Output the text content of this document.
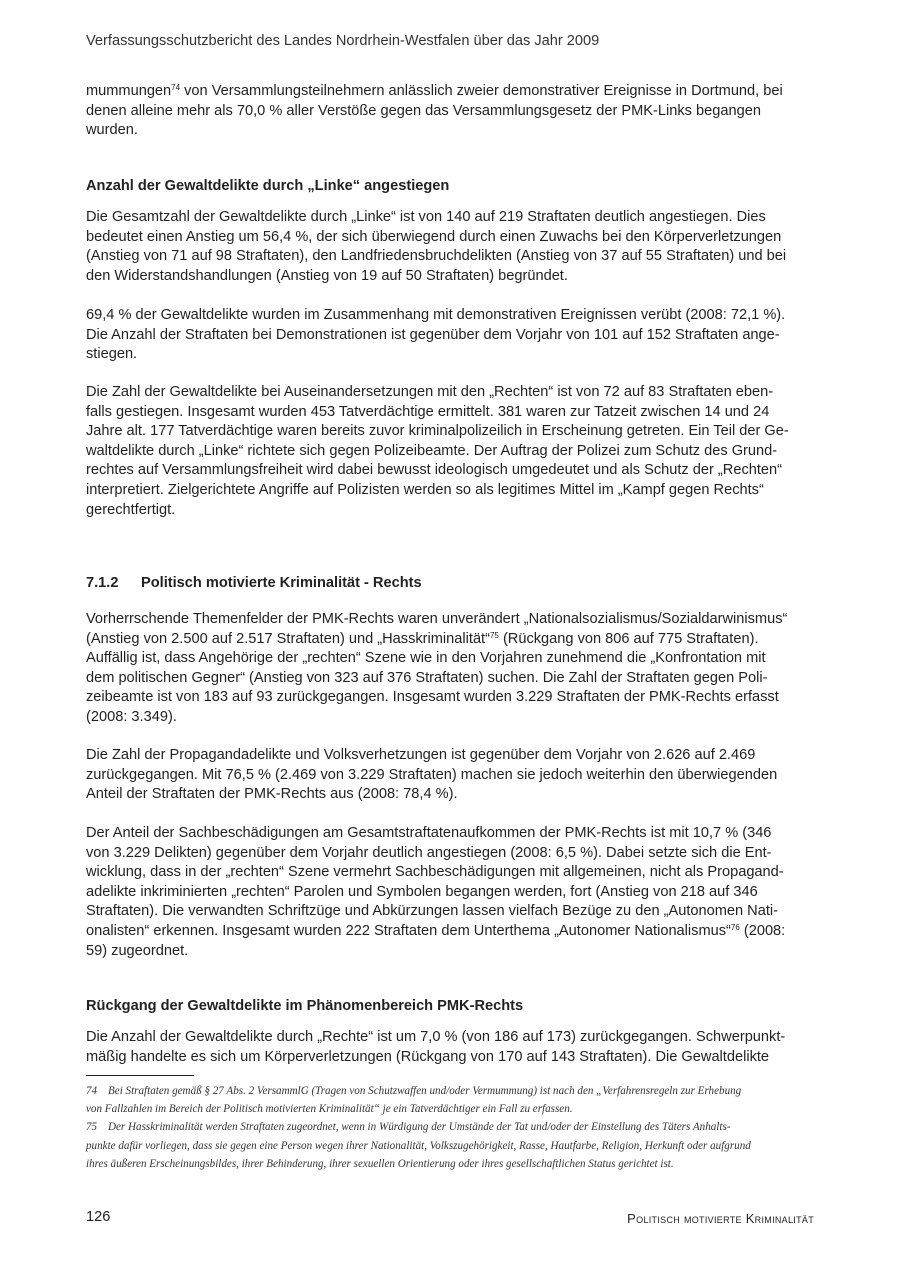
Verfassungsschutzbericht des Landes Nordrhein-Westfalen über das Jahr 2009

mummungen$^{74}$ von Versammlungsteilnehmern anlässlich zweier demonstrativer Ereignisse in Dortmund, bei
denen alleine mehr als 70,0 % aller Verstöße gegen das Versammlungsgesetz der PMK-Links begangen
wurden.

Anzahl der Gewaltdelikte durch „Linke“ angestiegen

Die Gesamtzahl der Gewaltdelikte durch „Linke“ ist von 140 auf 219 Straftaten deutlich angestiegen. Dies
bedeutet einen Anstieg um 56,4 %, der sich überwiegend durch einen Zuwachs bei den Körperverletzungen
(Anstieg von 71 auf 98 Straftaten), den Landfriedensbruchdelikten (Anstieg von 37 auf 55 Straftaten) und bei
den Widerstandshandlungen (Anstieg von 19 auf 50 Straftaten) begründet.

69,4 % der Gewaltdelikte wurden im Zusammenhang mit demonstrativen Ereignissen verübt (2008: 72,1 %).
Die Anzahl der Straftaten bei Demonstrationen ist gegenüber dem Vorjahr von 101 auf 152 Straftaten ange-
stiegen.

Die Zahl der Gewaltdelikte bei Auseinandersetzungen mit den „Rechten“ ist von 72 auf 83 Straftaten eben-
falls gestiegen. Insgesamt wurden 453 Tatverdächtige ermittelt. 381 waren zur Tatzeit zwischen 14 und 24
Jahre alt. 177 Tatverdächtige waren bereits zuvor kriminalpolizeilich in Erscheinung getreten. Ein Teil der Ge-
waltdelikte durch „Linke“ richtete sich gegen Polizeibeamte. Der Auftrag der Polizei zum Schutz des Grund-
rechtes auf Versammlungsfreiheit wird dabei bewusst ideologisch umgedeutet und als Schutz der „Rechten“
interpretiert. Zielgerichtete Angriffe auf Polizisten werden so als legitimes Mittel im „Kampf gegen Rechts“
gerechtfertigt.

7.1.2 Politisch motivierte Kriminalität - Rechts

Vorherrschende Themenfelder der PMK-Rechts waren unverändert „Nationalsozialismus/Sozialdarwinismus“
(Anstieg von 2.500 auf 2.517 Straftaten) und „Hasskriminalität“$^{75}$ (Rückgang von 806 auf 775 Straftaten).
Auffällig ist, dass Angehörige der „rechten“ Szene wie in den Vorjahren zunehmend die „Konfrontation mit
dem politischen Gegner“ (Anstieg von 323 auf 376 Straftaten) suchen. Die Zahl der Straftaten gegen Poli-
zeibeamte ist von 183 auf 93 zurückgegangen. Insgesamt wurden 3.229 Straftaten der PMK-Rechts erfasst
(2008: 3.349).

Die Zahl der Propagandadelikte und Volksverhetzungen ist gegenüber dem Vorjahr von 2.626 auf 2.469
zurückgegangen. Mit 76,5 % (2.469 von 3.229 Straftaten) machen sie jedoch weiterhin den überwiegenden
Anteil der Straftaten der PMK-Rechts aus (2008: 78,4 %).

Der Anteil der Sachbeschädigungen am Gesamtstraftatenaufkommen der PMK-Rechts ist mit 10,7 % (346
von 3.229 Delikten) gegenüber dem Vorjahr deutlich angestiegen (2008: 6,5 %). Dabei setzte sich die Ent-
wicklung, dass in der „rechten“ Szene vermehrt Sachbeschädigungen mit allgemeinen, nicht als Propagand-
adelikte inkriminierten „rechten“ Parolen und Symbolen begangen werden, fort (Anstieg von 218 auf 346
Straftaten). Die verwandten Schriftzüge und Abkürzungen lassen vielfach Bezüge zu den „Autonomen Nati-
onalisten“ erkennen. Insgesamt wurden 222 Straftaten dem Unterthema „Autonomer Nationalismus“$^{76}$ (2008:
59) zugeordnet.

Rückgang der Gewaltdelikte im Phänomenbereich PMK-Rechts

Die Anzahl der Gewaltdelikte durch „Rechte“ ist um 7,0 % (von 186 auf 173) zurückgegangen. Schwerpunkt-
mäßig handelte es sich um Körperverletzungen (Rückgang von 170 auf 143 Straftaten). Die Gewaltdelikte

74 Bei Straftaten gemäß § 27 Abs. 2 VersammlG (Tragen von Schutzwaffen und/oder Vermummung) ist nach den „Verfahrensregeln zur Erhebung
von Fallzahlen im Bereich der Politisch motivierten Kriminalität“ je ein Tatverdächtiger ein Fall zu erfassen.
75 Der Hasskriminalität werden Straftaten zugeordnet, wenn in Würdigung der Umstände der Tat und/oder der Einstellung des Täters Anhalts-
punkte dafür vorliegen, dass sie gegen eine Person wegen ihrer Nationalität, Volkszugehörigkeit, Rasse, Hautfarbe, Religion, Herkunft oder aufgrund
ihres äußeren Erscheinungsbildes, ihrer Behinderung, ihrer sexuellen Orientierung oder ihres gesellschaftlichen Status gerichtet ist.
126	Politisch motivierte Kriminalität
